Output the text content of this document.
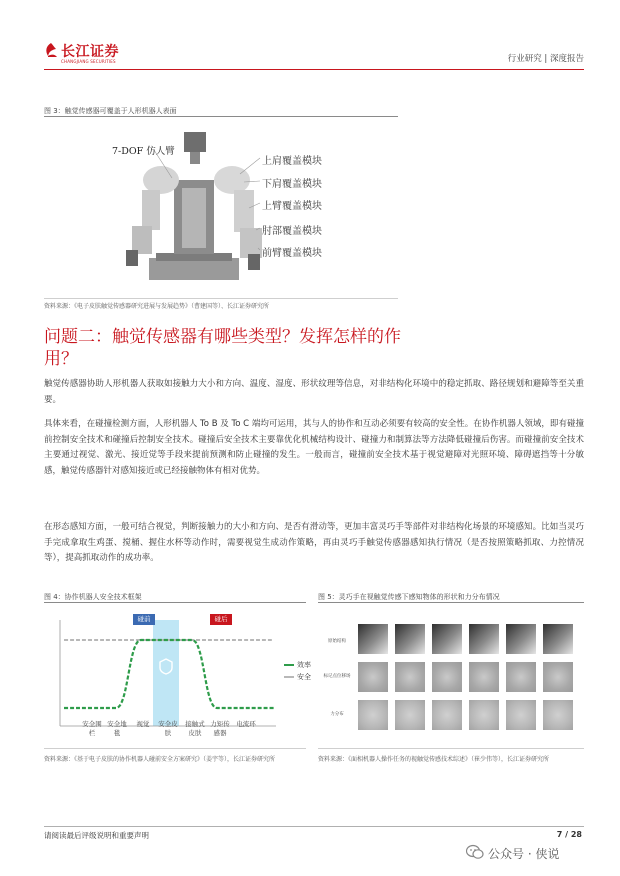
长江证券
CHANGJIANG SECURITIES	行业研究 | 深度报告
图 3：触觉传感器可覆盖于人形机器人表面
7-DOF 仿人臂
上肩覆盖模块
下肩覆盖模块
上臂覆盖模块
肘部覆盖模块
前臂覆盖模块
资料来源：《电子皮肤触觉传感器研究进展与发展趋势》（曹建国等）、长江证券研究所
问题二：触觉传感器有哪些类型？发挥怎样的作用？
触觉传感器协助人形机器人获取如接触力大小和方向、温度、湿度、形状纹理等信息，对非结构化环境中的稳定抓取、路径规划和避障等至关重要。
具体来看，在碰撞检测方面，人形机器人 To B 及 To C 端均可运用，其与人的协作和互动必须要有较高的安全性。在协作机器人领域，即有碰撞前控制安全技术和碰撞后控制安全技术。碰撞后安全技术主要靠优化机械结构设计、碰撞力和制算法等方法降低碰撞后伤害。而碰撞前安全技术主要通过视觉、激光、接近觉等手段来提前预测和防止碰撞的发生。一般而言，碰撞前安全技术基于视觉避障对光照环境、障碍遮挡等十分敏感，触觉传感器针对感知接近或已经接触物体有相对优势。
在形态感知方面，一般可结合视觉，判断接触力的大小和方向、是否有滑动等，更加丰富灵巧手等部件对非结构化场景的环境感知。比如当灵巧手完成拿取生鸡蛋、搅桶、握住水杯等动作时，需要视觉生成动作策略，再由灵巧手触觉传感器感知执行情况（是否按照策略抓取、力控情况等），提高抓取动作的成功率。
图 4：协作机器人安全技术框架
碰前	碰后
效率
安全
安全围栏
安全地毯
视觉	安全皮肤
接触式皮肤
力矩传感器
电流环
资料来源：《基于电子皮肤的协作机器人碰前安全方案研究》（姜宇等），长江证券研究所
图 5：灵巧手在视触觉传感下感知物体的形状和力分布情况
原始结构
标记点位移场
力分布
资料来源：《面相机器人操作任务的视触觉传感技术综述》（崔少伟等），长江证券研究所
请阅读最后评级说明和重要声明	7 / 28
公众号 · 侠说
